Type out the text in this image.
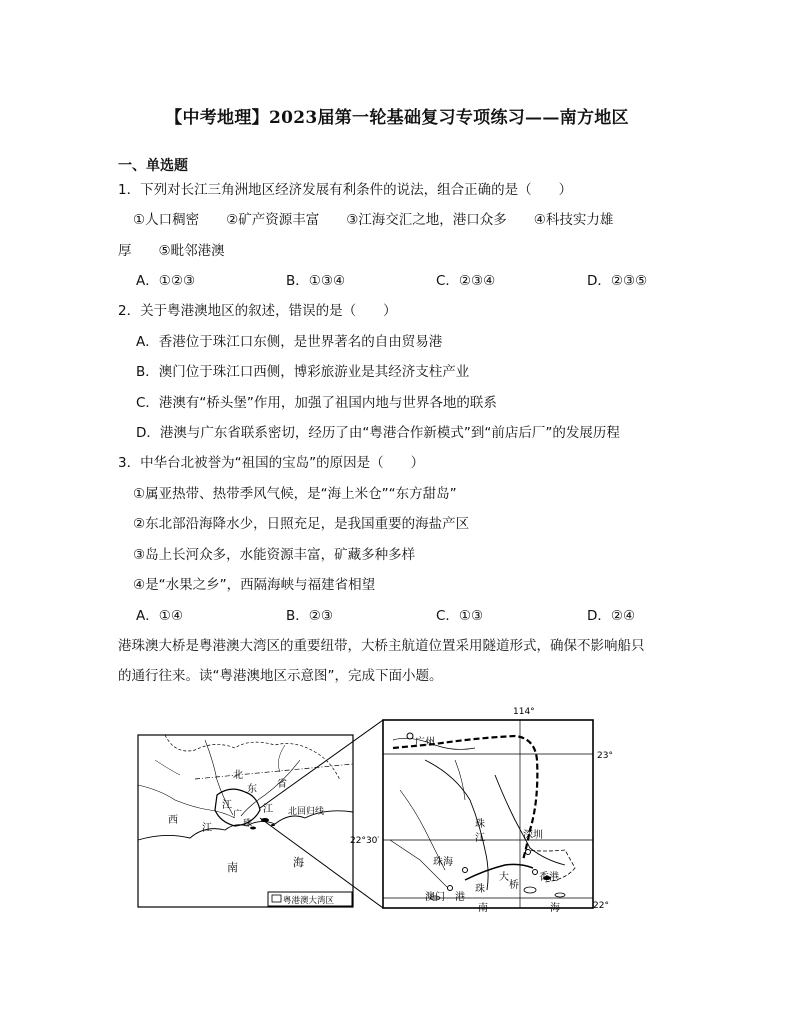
【中考地理】2023届第一轮基础复习专项练习——南方地区
一、单选题
1．下列对长江三角洲地区经济发展有利条件的说法，组合正确的是（　　）
①人口稠密　　②矿产资源丰富　　③江海交汇之地，港口众多　　④科技实力雄
厚　　⑤毗邻港澳
A．①②③	B．①③④	C．②③④	D．②③⑤
2．关于粤港澳地区的叙述，错误的是（　　）
A．香港位于珠江口东侧，是世界著名的自由贸易港
B．澳门位于珠江口西侧，博彩旅游业是其经济支柱产业
C．港澳有“桥头堡”作用，加强了祖国内地与世界各地的联系
D．港澳与广东省联系密切，经历了由“粤港合作新模式”到“前店后厂”的发展历程
3．中华台北被誉为“祖国的宝岛”的原因是（　　）
①属亚热带、热带季风气候，是“海上米仓”“东方甜岛”
②东北部沿海降水少，日照充足，是我国重要的海盐产区
③岛上长河众多，水能资源丰富，矿藏多种多样
④是“水果之乡”，西隔海峡与福建省相望
A．①④	B．②③	C．①③	D．②④
港珠澳大桥是粤港澳大湾区的重要纽带，大桥主航道位置采用隧道形式，确保不影响船只
的通行往来。读“粤港澳地区示意图”，完成下面小题。
西
江
北
江
东
江
省
广
珠
北回归线
南	海
粤港澳大湾区
114°
23°
22°30′
22°
广州
珠
江	深圳
珠海
香港
澳门 港
珠
大
桥
南	海
